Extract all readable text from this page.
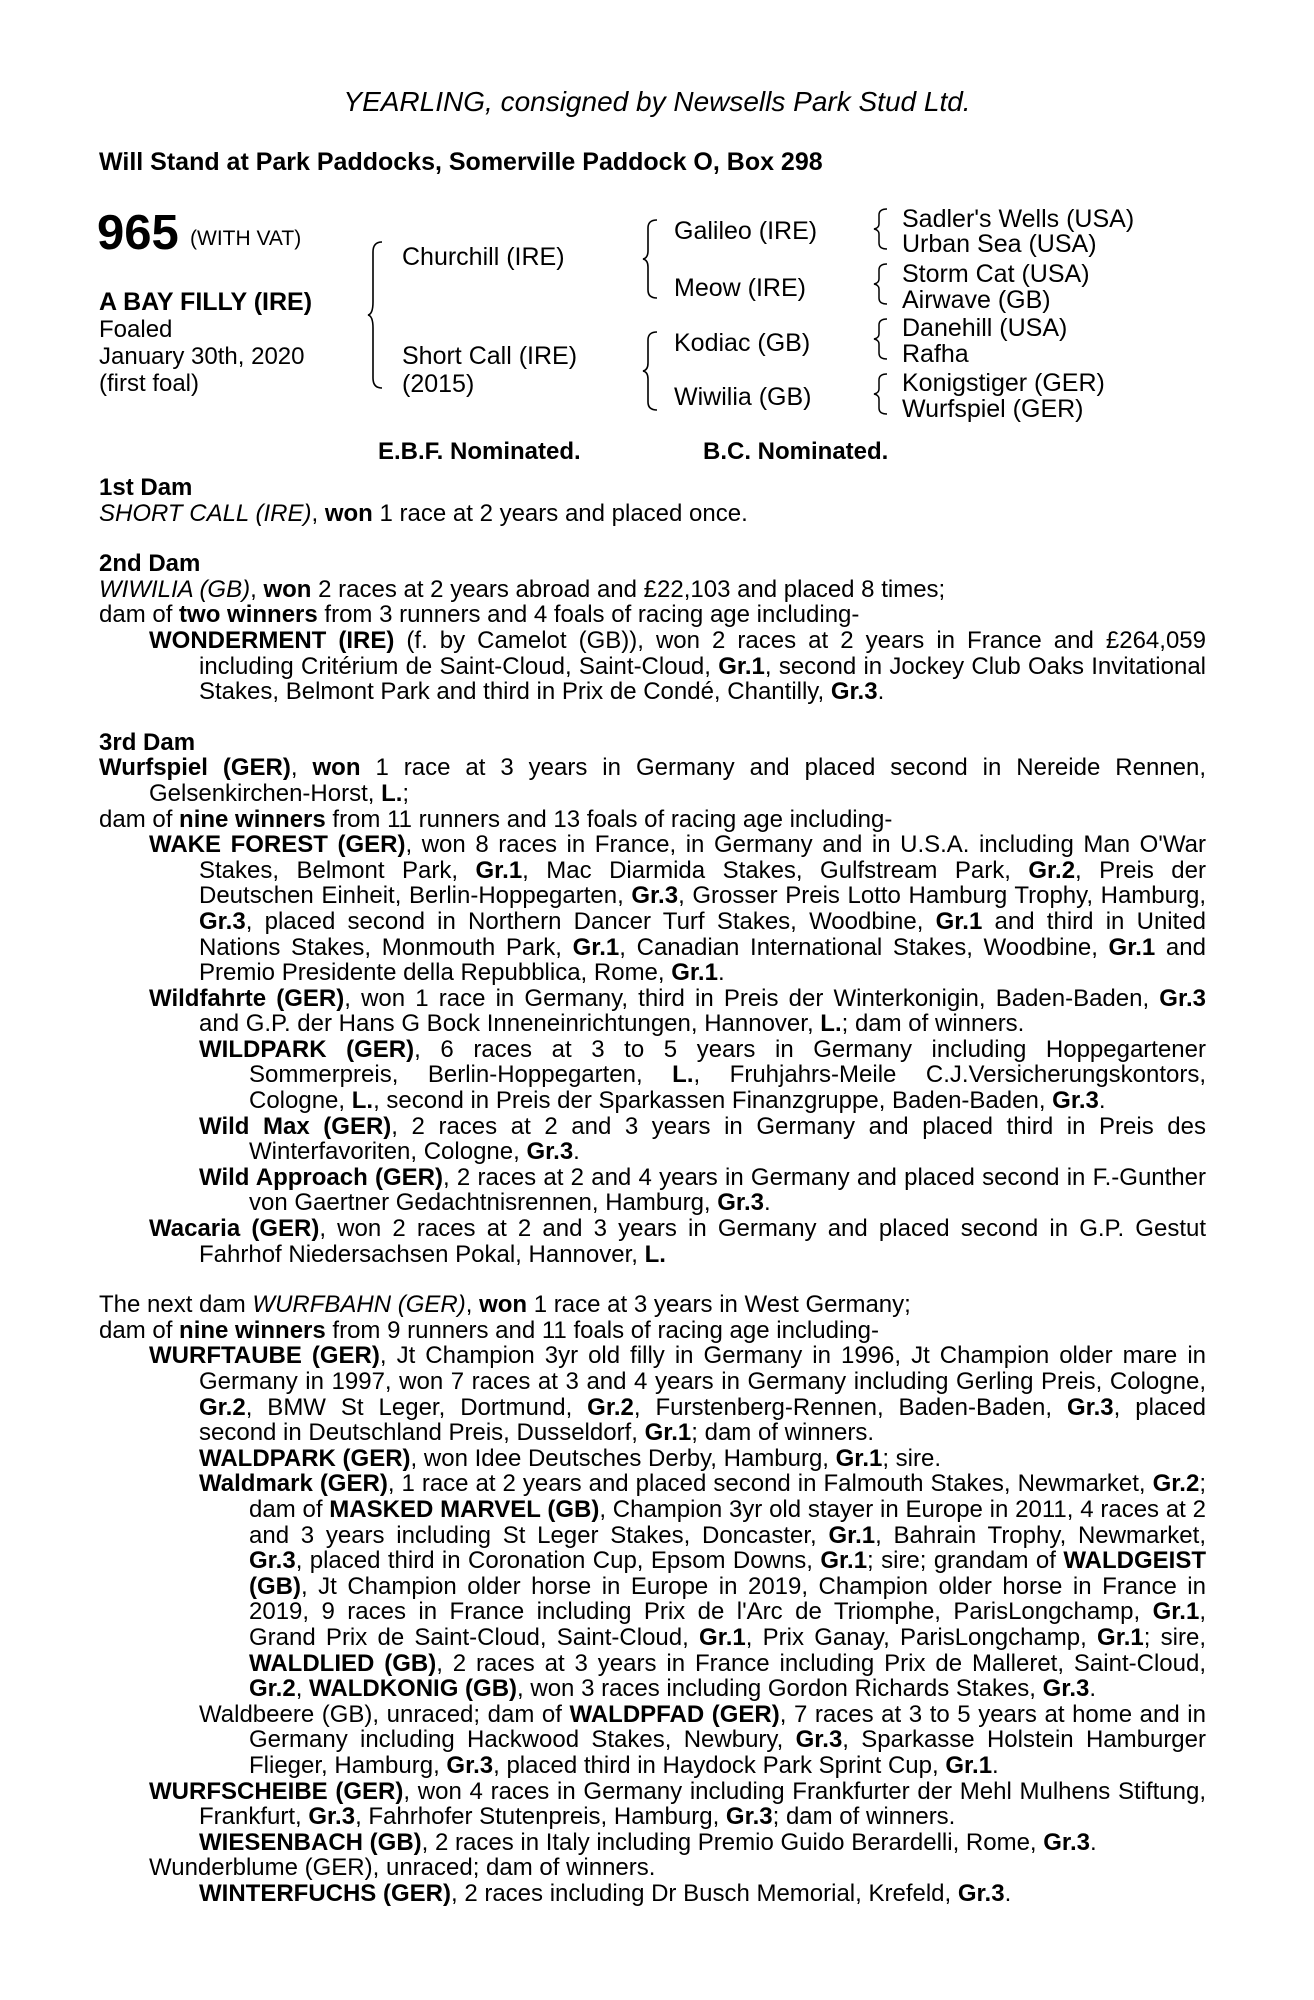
YEARLING, consigned by Newsells Park Stud Ltd.
Will Stand at Park Paddocks, Somerville Paddock O, Box 298
965 (WITH VAT)
A BAY FILLY (IRE)
Foaled
January 30th, 2020
(first foal)
Churchill (IRE)
Short Call (IRE)
(2015)
Galileo (IRE)
Meow (IRE)
Kodiac (GB)
Wiwilia (GB)
Sadler's Wells (USA)
Urban Sea (USA)
Storm Cat (USA)
Airwave (GB)
Danehill (USA)
Rafha
Konigstiger (GER)
Wurfspiel (GER)
E.B.F. Nominated.	B.C. Nominated.

1st Dam

SHORT CALL (IRE), won 1 race at 2 years and placed once.

2nd Dam

WIWILIA (GB), won 2 races at 2 years abroad and £22,103 and placed 8 times;

dam of two winners from 3 runners and 4 foals of racing age including-

WONDERMENT (IRE) (f. by Camelot (GB)), won 2 races at 2 years in France and £264,059 including Critérium de Saint-Cloud, Saint-Cloud, Gr.1, second in Jockey Club Oaks Invitational Stakes, Belmont Park and third in Prix de Condé, Chantilly, Gr.3.

3rd Dam

Wurfspiel (GER), won 1 race at 3 years in Germany and placed second in Nereide Rennen, Gelsenkirchen-Horst, L.;

dam of nine winners from 11 runners and 13 foals of racing age including-

WAKE FOREST (GER), won 8 races in France, in Germany and in U.S.A. including Man O'War Stakes, Belmont Park, Gr.1, Mac Diarmida Stakes, Gulfstream Park, Gr.2, Preis der Deutschen Einheit, Berlin-Hoppegarten, Gr.3, Grosser Preis Lotto Hamburg Trophy, Hamburg, Gr.3, placed second in Northern Dancer Turf Stakes, Woodbine, Gr.1 and third in United Nations Stakes, Monmouth Park, Gr.1, Canadian International Stakes, Woodbine, Gr.1 and Premio Presidente della Repubblica, Rome, Gr.1.

Wildfahrte (GER), won 1 race in Germany, third in Preis der Winterkonigin, Baden-Baden, Gr.3 and G.P. der Hans G Bock Inneneinrichtungen, Hannover, L.; dam of winners.

WILDPARK (GER), 6 races at 3 to 5 years in Germany including Hoppegartener Sommerpreis, Berlin-Hoppegarten, L., Fruhjahrs-Meile C.J.Versicherungskontors, Cologne, L., second in Preis der Sparkassen Finanzgruppe, Baden-Baden, Gr.3.

Wild Max (GER), 2 races at 2 and 3 years in Germany and placed third in Preis des Winterfavoriten, Cologne, Gr.3.

Wild Approach (GER), 2 races at 2 and 4 years in Germany and placed second in F.-Gunther von Gaertner Gedachtnisrennen, Hamburg, Gr.3.

Wacaria (GER), won 2 races at 2 and 3 years in Germany and placed second in G.P. Gestut Fahrhof Niedersachsen Pokal, Hannover, L.

The next dam WURFBAHN (GER), won 1 race at 3 years in West Germany;

dam of nine winners from 9 runners and 11 foals of racing age including-

WURFTAUBE (GER), Jt Champion 3yr old filly in Germany in 1996, Jt Champion older mare in Germany in 1997, won 7 races at 3 and 4 years in Germany including Gerling Preis, Cologne, Gr.2, BMW St Leger, Dortmund, Gr.2, Furstenberg-Rennen, Baden-Baden, Gr.3, placed second in Deutschland Preis, Dusseldorf, Gr.1; dam of winners.

WALDPARK (GER), won Idee Deutsches Derby, Hamburg, Gr.1; sire.

Waldmark (GER), 1 race at 2 years and placed second in Falmouth Stakes, Newmarket, Gr.2; dam of MASKED MARVEL (GB), Champion 3yr old stayer in Europe in 2011, 4 races at 2 and 3 years including St Leger Stakes, Doncaster, Gr.1, Bahrain Trophy, Newmarket, Gr.3, placed third in Coronation Cup, Epsom Downs, Gr.1; sire; grandam of WALDGEIST (GB), Jt Champion older horse in Europe in 2019, Champion older horse in France in 2019, 9 races in France including Prix de l'Arc de Triomphe, ParisLongchamp, Gr.1, Grand Prix de Saint-Cloud, Saint-Cloud, Gr.1, Prix Ganay, ParisLongchamp, Gr.1; sire, WALDLIED (GB), 2 races at 3 years in France including Prix de Malleret, Saint-Cloud, Gr.2, WALDKONIG (GB), won 3 races including Gordon Richards Stakes, Gr.3.

Waldbeere (GB), unraced; dam of WALDPFAD (GER), 7 races at 3 to 5 years at home and in Germany including Hackwood Stakes, Newbury, Gr.3, Sparkasse Holstein Hamburger Flieger, Hamburg, Gr.3, placed third in Haydock Park Sprint Cup, Gr.1.

WURFSCHEIBE (GER), won 4 races in Germany including Frankfurter der Mehl Mulhens Stiftung, Frankfurt, Gr.3, Fahrhofer Stutenpreis, Hamburg, Gr.3; dam of winners.

WIESENBACH (GB), 2 races in Italy including Premio Guido Berardelli, Rome, Gr.3.

Wunderblume (GER), unraced; dam of winners.

WINTERFUCHS (GER), 2 races including Dr Busch Memorial, Krefeld, Gr.3.
